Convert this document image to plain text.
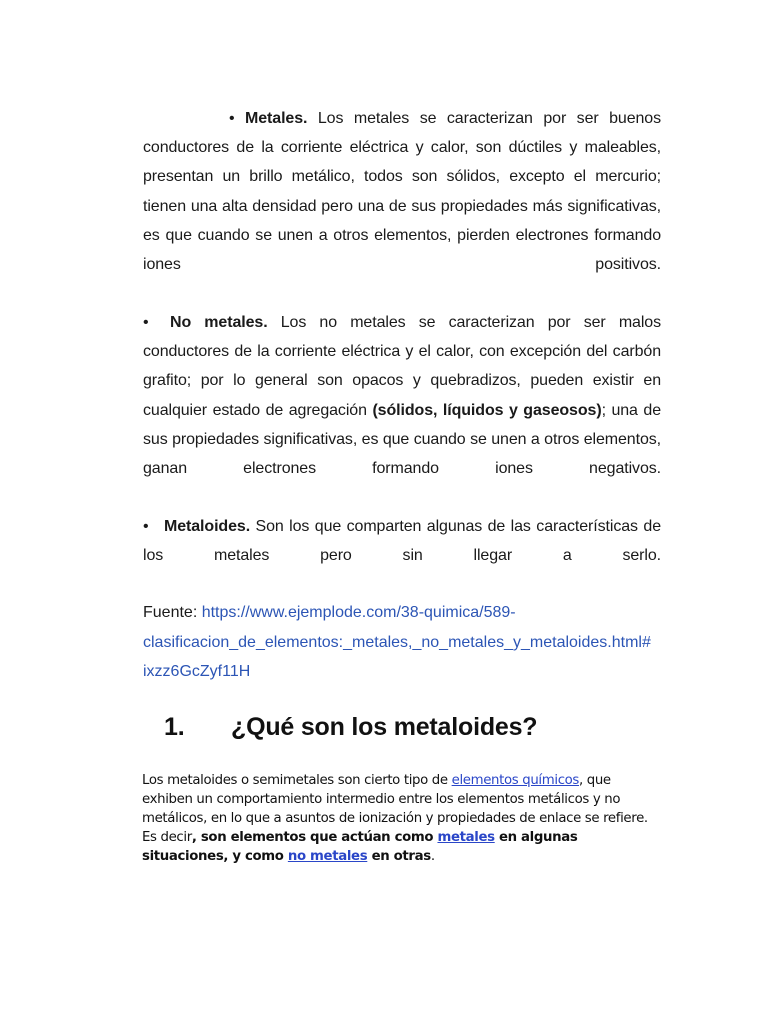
• Metales. Los metales se caracterizan por ser buenos conductores de la corriente eléctrica y calor, son dúctiles y maleables, presentan un brillo metálico, todos son sólidos, excepto el mercurio; tienen una alta densidad pero una de sus propiedades más significativas, es que cuando se unen a otros elementos, pierden electrones formando iones positivos.

• No metales. Los no metales se caracterizan por ser malos conductores de la corriente eléctrica y el calor, con excepción del carbón grafito; por lo general son opacos y quebradizos, pueden existir en cualquier estado de agregación (sólidos, líquidos y gaseosos); una de sus propiedades significativas, es que cuando se unen a otros elementos, ganan electrones formando iones negativos.

• Metaloides. Son los que comparten algunas de las características de los metales pero sin llegar a serlo.

Fuente: https://www.ejemplode.com/38-quimica/589-
clasificacion_de_elementos:_metales,_no_metales_y_metaloides.html#
ixzz6GcZyf11H
1. ¿Qué son los metaloides?

Los metaloides o semimetales son cierto tipo de elementos químicos, que exhiben un comportamiento intermedio entre los elementos metálicos y no metálicos, en lo que a asuntos de ionización y propiedades de enlace se refiere. Es decir, son elementos que actúan como metales en algunas situaciones, y como no metales en otras.
